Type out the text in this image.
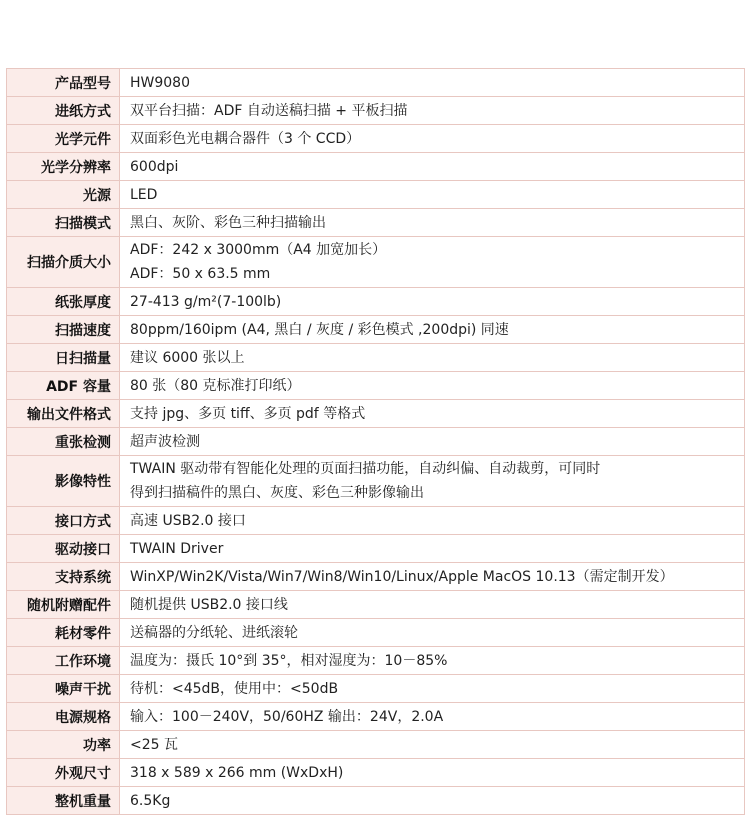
产品型号	HW9080

进纸方式	双平台扫描：ADF 自动送稿扫描 + 平板扫描

光学元件	双面彩色光电耦合器件（3 个 CCD）

光学分辨率	600dpi

光源	LED

扫描模式	黑白、灰阶、彩色三种扫描输出

扫描介质大小	ADF：242 x 3000mm（A4 加宽加长）
ADF：50 x 63.5 mm

纸张厚度	27-413 g/m²(7-100lb)

扫描速度	80ppm/160ipm (A4, 黑白 / 灰度 / 彩色模式 ,200dpi) 同速

日扫描量	建议 6000 张以上

ADF 容量	80 张（80 克标准打印纸）

输出文件格式	支持 jpg、多页 tiff、多页 pdf 等格式

重张检测	超声波检测

影像特性	TWAIN 驱动带有智能化处理的页面扫描功能，自动纠偏、自动裁剪，可同时
得到扫描稿件的黑白、灰度、彩色三种影像输出

接口方式	高速 USB2.0 接口

驱动接口	TWAIN Driver

支持系统	WinXP/Win2K/Vista/Win7/Win8/Win10/Linux/Apple MacOS 10.13（需定制开发）

随机附赠配件	随机提供 USB2.0 接口线

耗材零件	送稿器的分纸轮、进纸滚轮

工作环境	温度为：摄氏 10°到 35°，相对湿度为：10－85%

噪声干扰	待机：<45dB，使用中：<50dB

电源规格	输入：100－240V，50/60HZ 输出：24V，2.0A

功率	<25 瓦

外观尺寸	318 x 589 x 266 mm (WxDxH)

整机重量	6.5Kg
